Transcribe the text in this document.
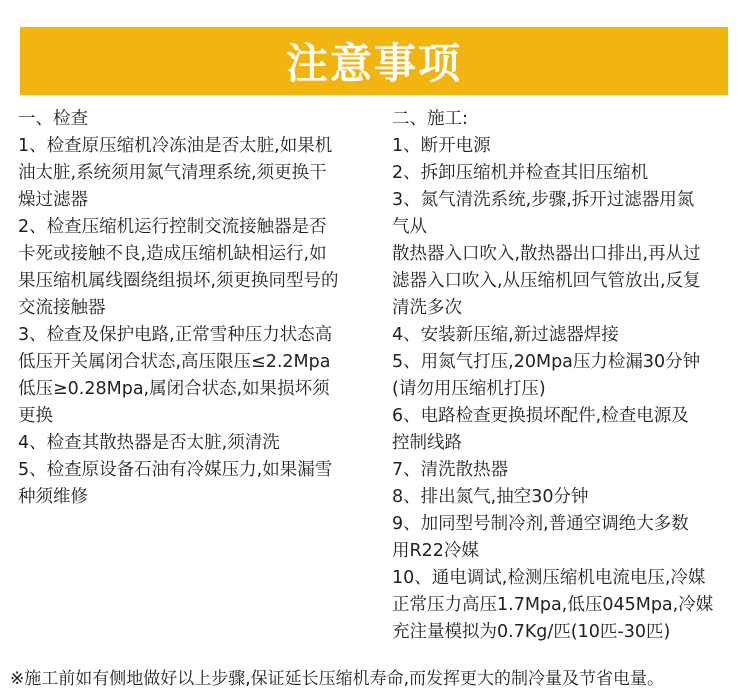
注意事项
一、检查
1、检查原压缩机冷冻油是否太脏,如果机
油太脏,系统须用氮气清理系统,须更换干
燥过滤器
2、检查压缩机运行控制交流接触器是否
卡死或接触不良,造成压缩机缺相运行,如
果压缩机属线圈绕组损坏,须更换同型号的
交流接触器
3、检查及保护电路,正常雪种压力状态高
低压开关属闭合状态,高压限压≤2.2Mpa
低压≥0.28Mpa,属闭合状态,如果损坏须
更换
4、检查其散热器是否太脏,须清洗
5、检查原设备石油有冷媒压力,如果漏雪
种须维修
二、施工:
1、断开电源
2、拆卸压缩机并检查其旧压缩机
3、氮气清洗系统,步骤,拆开过滤器用氮
气从
散热器入口吹入,散热器出口排出,再从过
滤器入口吹入,从压缩机回气管放出,反复
清洗多次
4、安装新压缩,新过滤器焊接
5、用氮气打压,20Mpa压力检漏30分钟
(请勿用压缩机打压)
6、电路检查更换损坏配件,检查电源及
控制线路
7、清洗散热器
8、排出氮气,抽空30分钟
9、加同型号制冷剂,普通空调绝大多数
用R22冷媒
10、通电调试,检测压缩机电流电压,冷媒
正常压力高压1.7Mpa,低压045Mpa,冷媒
充注量模拟为0.7Kg/匹(10匹-30匹)
※施工前如有侧地做好以上步骤,保证延长压缩机寿命,而发挥更大的制冷量及节省电量。
